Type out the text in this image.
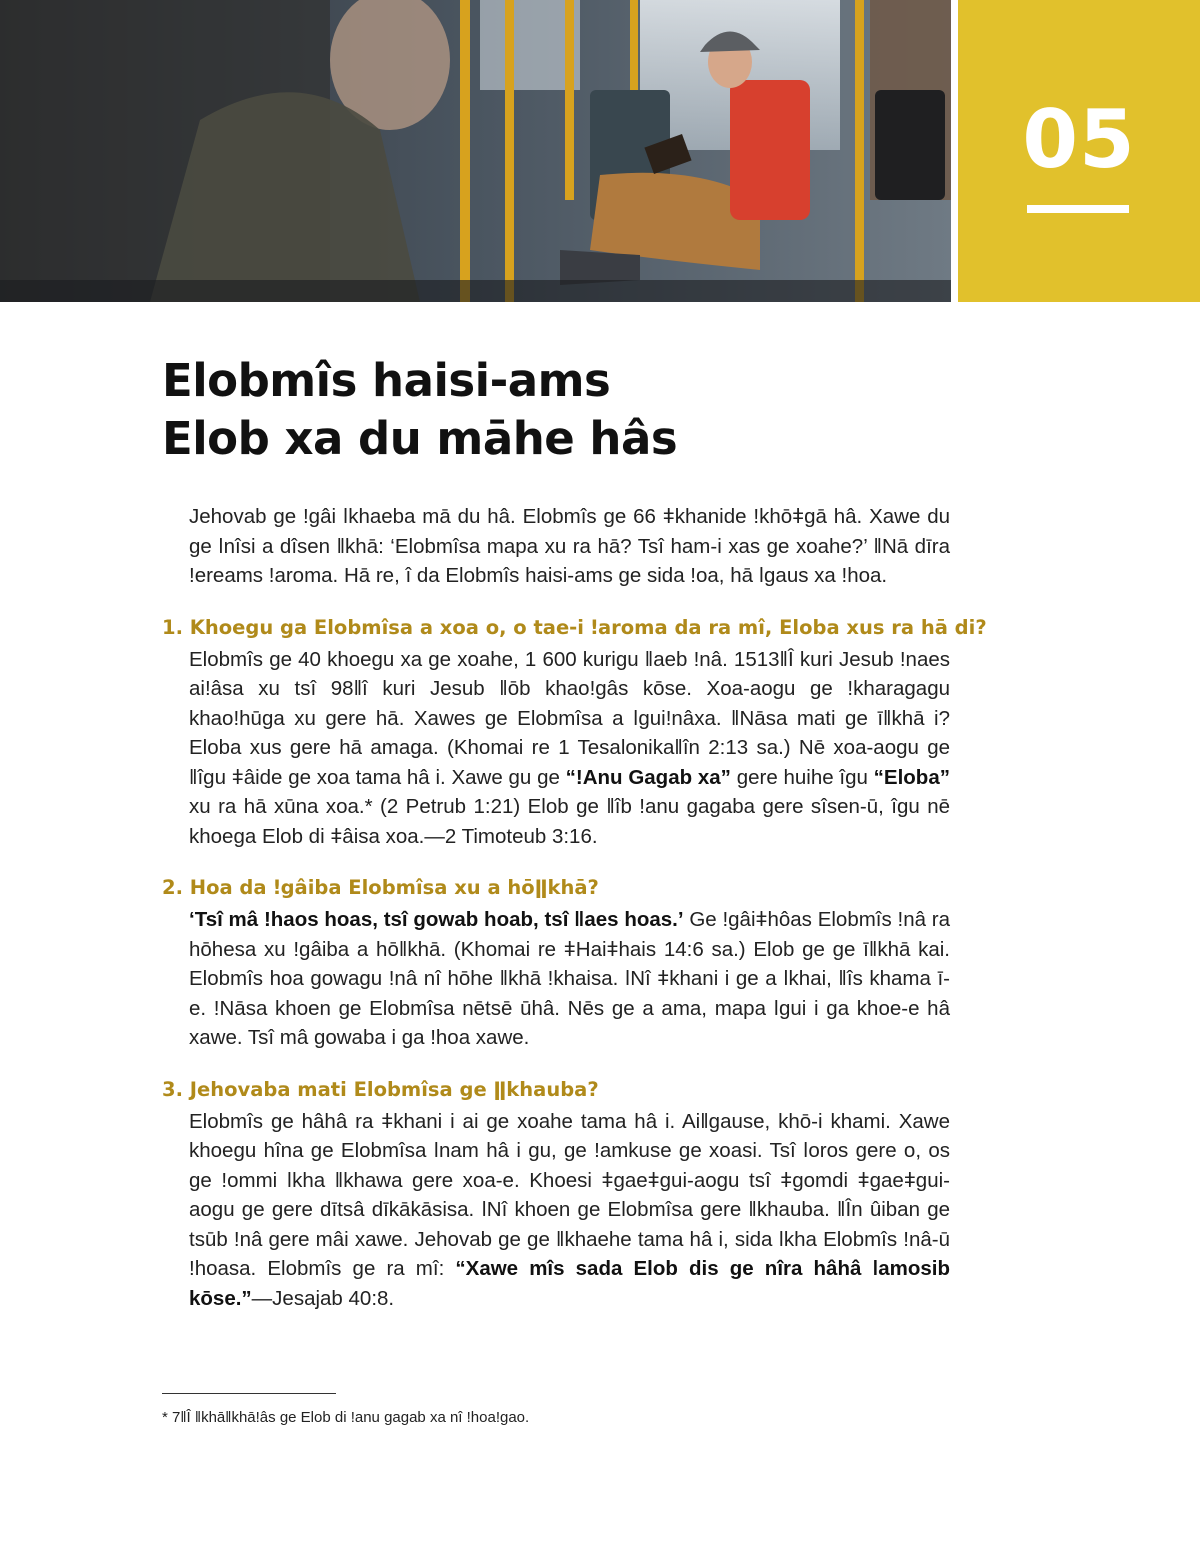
05
Elobmîs haisi-ams
Elob xa du māhe hâs

Jehovab ge ǃgâi ǀkhaeba mā du hâ. Elobmîs ge 66 ǂkhanide ǃkhōǂgā hâ. Xawe du ge ǀnîsi a dîsen ǁkhā: ‘Elobmîsa mapa xu ra hā? Tsî ham-i xas ge xoahe?’ ǁNā dīra ǃereams ǃaroma. Hā re, î da Elobmîs haisi-ams ge sida ǃoa, hā ǀgaus xa ǃhoa.

1. Khoegu ga Elobmîsa a xoa o, o tae-i ǃaroma da ra mî, Eloba xus ra hā di?

Elobmîs ge 40 khoegu xa ge xoahe, 1 600 kurigu ǁaeb ǃnâ. 1513ǁÎ kuri Jesub ǃnaes aiǃâsa xu tsî 98ǁî kuri Jesub ǁōb khaoǃgâs kōse. Xoa-aogu ge ǃkharagagu khaoǃhūga xu gere hā. Xawes ge Elobmîsa a ǀguiǃnâxa. ǁNāsa mati ge īǁkhā i? Eloba xus gere hā amaga. (Khomai re 1 Tesalonikaǁîn 2:13 sa.) Nē xoa-aogu ge ǁîgu ǂâide ge xoa tama hâ i. Xawe gu ge “ǃAnu Gagab xa” gere huihe îgu “Eloba” xu ra hā xūna xoa.* (2 Petrub 1:21) Elob ge ǁîb ǃanu gagaba gere sîsen-ū, îgu nē khoega Elob di ǂâisa xoa.—2 Timoteub 3:16.

2. Hoa da ǃgâiba Elobmîsa xu a hōǁkhā?

‘Tsî mâ ǃhaos hoas, tsî gowab hoab, tsî ǁaes hoas.’ Ge ǃgâiǂhôas Elobmîs ǃnâ ra hōhesa xu ǃgâiba a hōǁkhā. (Khomai re ǂHaiǂhais 14:6 sa.) Elob ge ge īǁkhā kai. Elobmîs hoa gowagu ǃnâ nî hōhe ǁkhā ǃkhaisa. ǀNî ǂkhani i ge a ǀkhai, ǁîs khama ī-e. ǃNāsa khoen ge Elobmîsa nētsē ūhâ. Nēs ge a ama, mapa ǀgui i ga khoe-e hâ xawe. Tsî mâ gowaba i ga ǃhoa xawe.

3. Jehovaba mati Elobmîsa ge ǁkhauba?

Elobmîs ge hâhâ ra ǂkhani i ai ge xoahe tama hâ i. Aiǁgause, khō-i khami. Xawe khoegu hîna ge Elobmîsa ǀnam hâ i gu, ge ǃamkuse ge xoasi. Tsî ǀoros gere o, os ge ǃommi ǀkha ǁkhawa gere xoa-e. Khoesi ǂgaeǂgui-aogu tsî ǂgomdi ǂgaeǂgui-aogu ge gere dītsâ dīkākāsisa. ǀNî khoen ge Elobmîsa gere ǁkhauba. ǁÎn ûiban ge tsūb ǃnâ gere mâi xawe. Jehovab ge ge ǁkhaehe tama hâ i, sida ǀkha Elobmîs ǃnâ-ū ǃhoasa. Elobmîs ge ra mî: “Xawe mîs sada Elob dis ge nîra hâhâ ǀamosib kōse.”—Jesajab 40:8.

* 7ǁÎ ǁkhāǁkhāǃâs ge Elob di ǃanu gagab xa nî ǃhoaǃgao.
